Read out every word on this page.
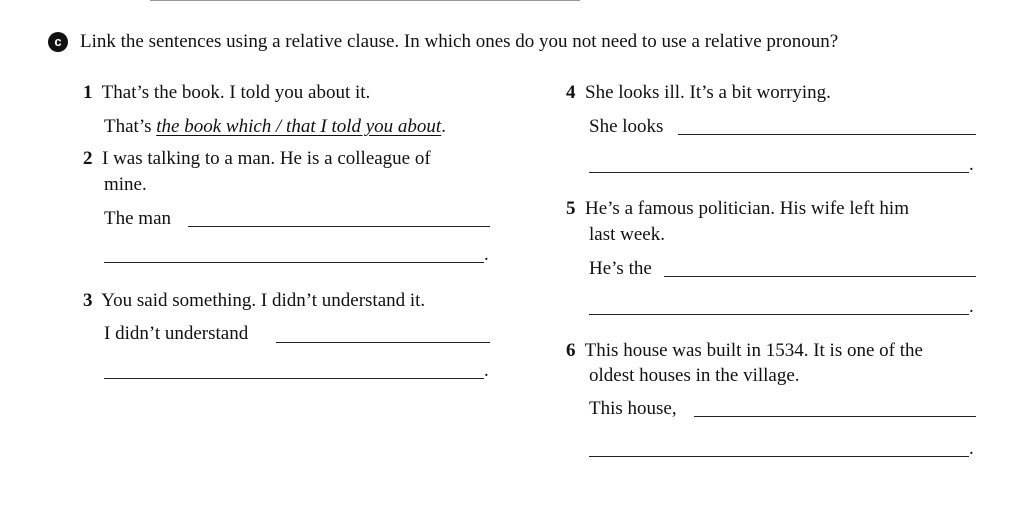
c Link the sentences using a relative clause. In which ones do you not need to use a relative pronoun?
1 That’s the book. I told you about it.
That’s the book which / that I told you about.
2 I was talking to a man. He is a colleague of
mine.
The man
.
3 You said something. I didn’t understand it.
I didn’t understand
.
4 She looks ill. It’s a bit worrying.
She looks
.
5 He’s a famous politician. His wife left him
last week.
He’s the
.
6 This house was built in 1534. It is one of the
oldest houses in the village.
This house,
.
